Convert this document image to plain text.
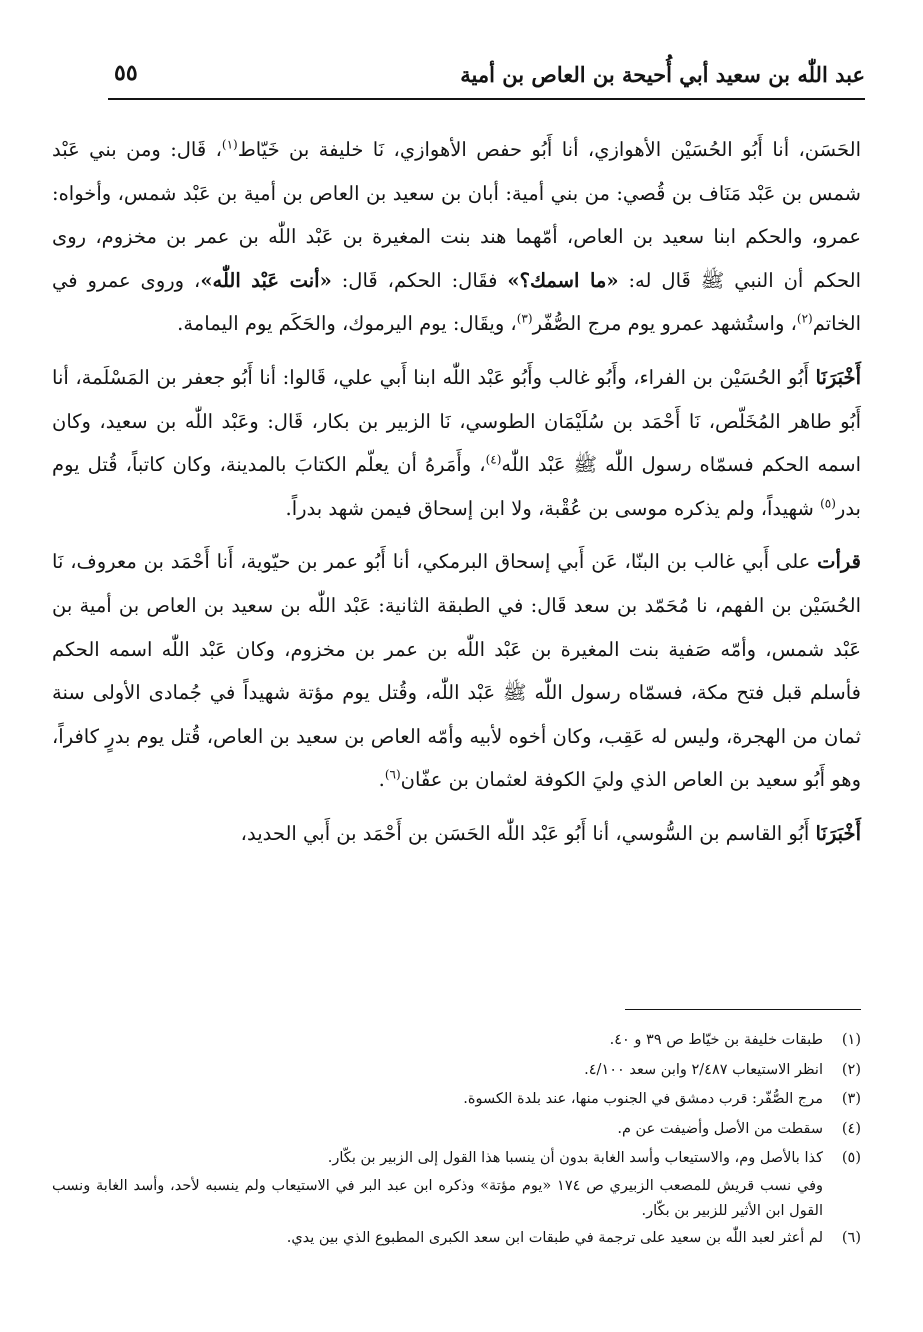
عبد اللّٰه بن سعيد أبي أُحيحة بن العاص بن أمية
٥٥

الحَسَن، أنا أَبُو الحُسَيْن الأهوازي، أنا أَبُو حفص الأهوازي، نَا خليفة بن خَيّاط$^{(١)}$، قَال: ومن بني عَبْد شمس بن عَبْد مَنَاف بن قُصي: من بني أمية: أبان بن سعيد بن العاص بن أمية بن عَبْد شمس، وأخواه: عمرو، والحكم ابنا سعيد بن العاص، أمّهما هند بنت المغيرة بن عَبْد اللّٰه بن عمر بن مخزوم، روى الحكم أن النبي ﷺ قَال له: «ما اسمك؟» فقَال: الحكم، قَال: «أنت عَبْد اللّٰه»، وروى عمرو في الخاتم$^{(٢)}$، واستُشهد عمرو يوم مرج الصُّفّر$^{(٣)}$، ويقَال: يوم اليرموك، والحَكَم يوم اليمامة.

أَخْبَرَنَا أَبُو الحُسَيْن بن الفراء، وأَبُو غالب وأَبُو عَبْد اللّٰه ابنا أَبي علي، قَالوا: أنا أَبُو جعفر بن المَسْلَمة، أنا أَبُو طاهر المُخَلّص، نَا أَحْمَد بن سُلَيْمَان الطوسي، نَا الزبير بن بكار، قَال: وعَبْد اللّٰه بن سعيد، وكان اسمه الحكم فسمّاه رسول اللّٰه ﷺ عَبْد اللّٰه$^{(٤)}$، وأَمَرهُ أن يعلّم الكتابَ بالمدينة، وكان كاتباً، قُتل يوم بدر$^{(٥)}$ شهيداً، ولم يذكره موسى بن عُقْبة، ولا ابن إسحاق فيمن شهد بدراً.

قرأت على أَبي غالب بن البنّا، عَن أَبي إسحاق البرمكي، أنا أَبُو عمر بن حيّوية، أَنا أَحْمَد بن معروف، نَا الحُسَيْن بن الفهم، نا مُحَمّد بن سعد قَال: في الطبقة الثانية: عَبْد اللّٰه بن سعيد بن العاص بن أمية بن عَبْد شمس، وأمّه صَفية بنت المغيرة بن عَبْد اللّٰه بن عمر بن مخزوم، وكان عَبْد اللّٰه اسمه الحكم فأسلم قبل فتح مكة، فسمّاه رسول اللّٰه ﷺ عَبْد اللّٰه، وقُتل يوم مؤتة شهيداً في جُمادى الأولى سنة ثمان من الهجرة، وليس له عَقِب، وكان أخوه لأبيه وأمّه العاص بن سعيد بن العاص، قُتل يوم بدرٍ كافراً، وهو أَبُو سعيد بن العاص الذي وليَ الكوفة لعثمان بن عفّان$^{(٦)}$.

أَخْبَرَنَا أَبُو القاسم بن السُّوسي، أنا أَبُو عَبْد اللّٰه الحَسَن بن أَحْمَد بن أَبي الحديد،

(١)
طبقات خليفة بن خيّاط ص ٣٩ و ٤٠.
(٢)
انظر الاستيعاب ٢/٤٨٧ وابن سعد ٤/١٠٠.
(٣)
مرج الصُّفّر: قرب دمشق في الجنوب منها، عند بلدة الكسوة.
(٤)
سقطت من الأصل وأضيفت عن م.
(٥)
كذا بالأصل وم، والاستيعاب وأسد الغابة بدون أن ينسبا هذا القول إلى الزبير بن بكّار.
وفي نسب قريش للمصعب الزبيري ص ١٧٤ «يوم مؤتة» وذكره ابن عبد البر في الاستيعاب ولم ينسبه لأحد، وأسد الغابة ونسب القول ابن الأثير للزبير بن بكّار.
(٦)
لم أعثر لعبد اللّٰه بن سعيد على ترجمة في طبقات ابن سعد الكبرى المطبوع الذي بين يدي.
